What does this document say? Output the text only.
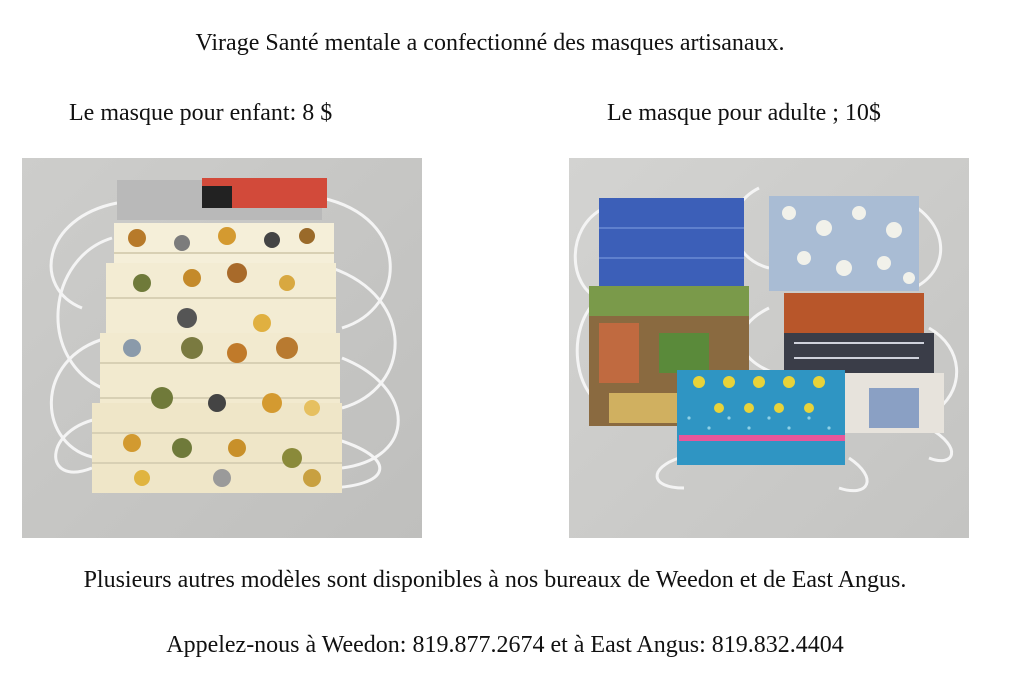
Virage Santé mentale a confectionné des masques artisanaux.
Le masque pour enfant: 8 $	Le masque pour adulte ; 10$
Plusieurs autres modèles sont disponibles à nos bureaux de Weedon et de East Angus.
Appelez-nous à Weedon: 819.877.2674 et à East Angus: 819.832.4404
